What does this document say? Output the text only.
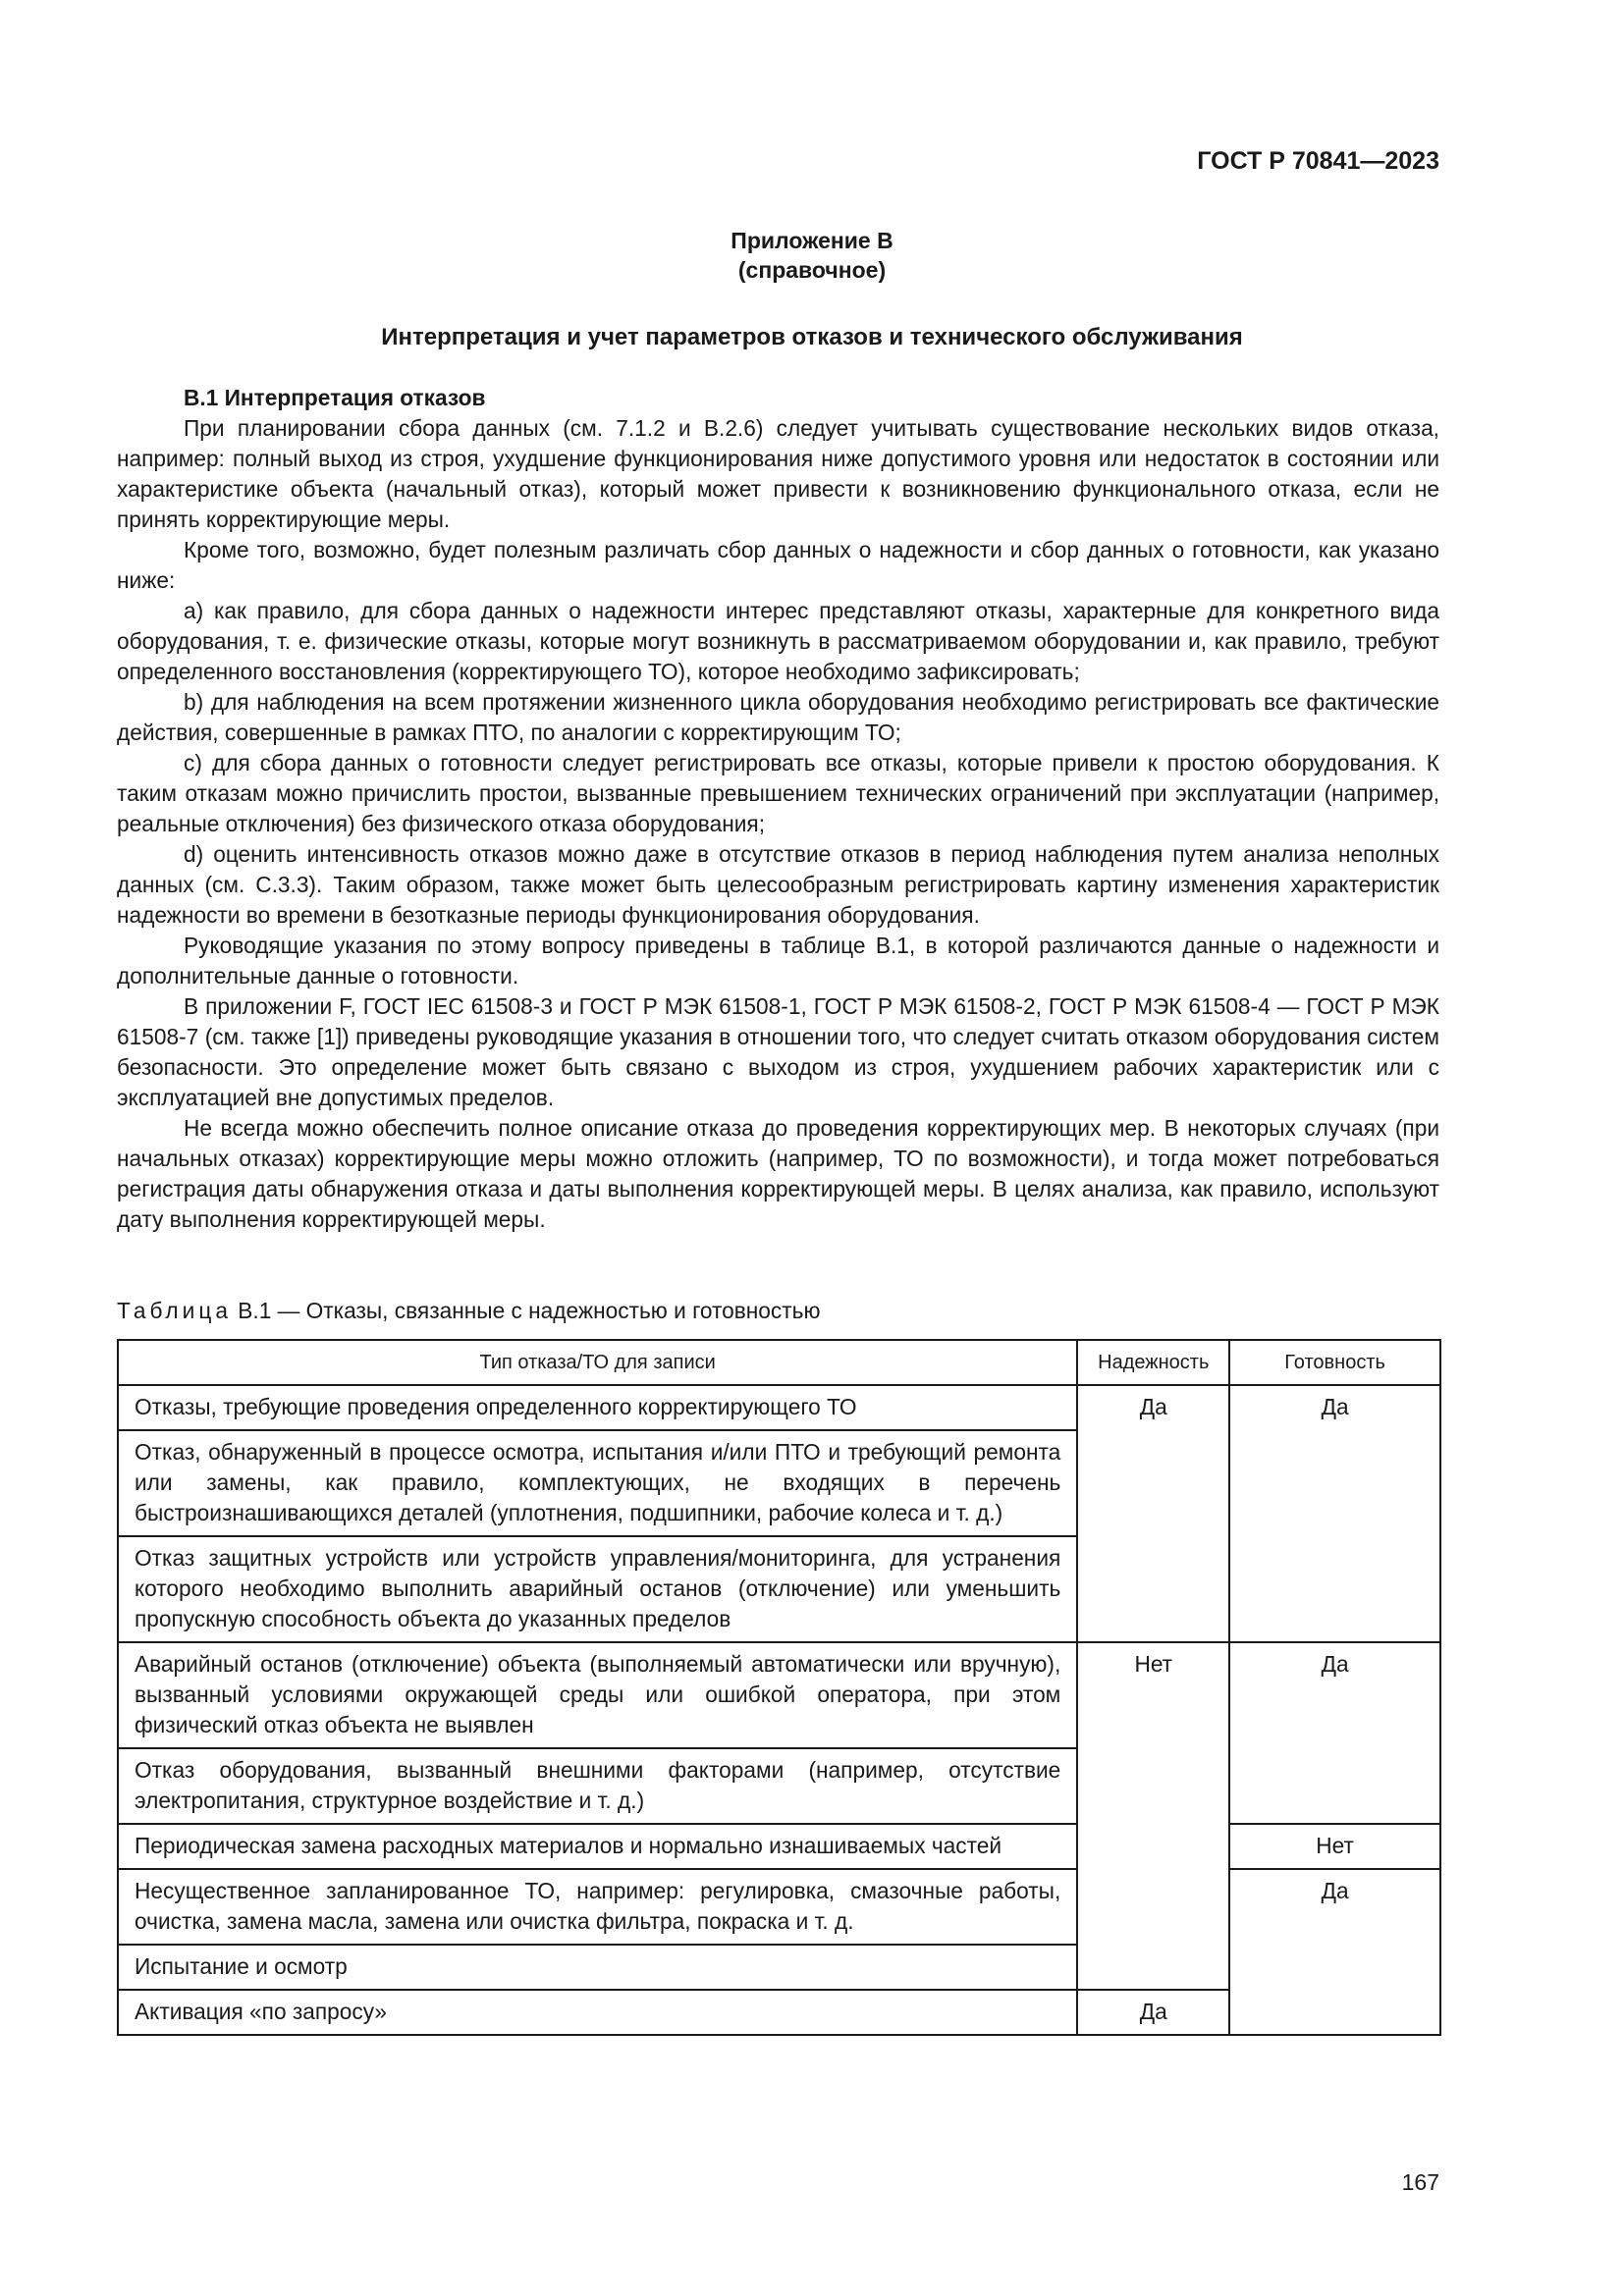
ГОСТ Р 70841—2023

Приложение В
(справочное)
Интерпретация и учет параметров отказов и технического обслуживания

В.1 Интерпретация отказов

При планировании сбора данных (см. 7.1.2 и В.2.6) следует учитывать существование нескольких видов отказа, например: полный выход из строя, ухудшение функционирования ниже допустимого уровня или недостаток в состоянии или характеристике объекта (начальный отказ), который может привести к возникновению функционального отказа, если не принять корректирующие меры.

Кроме того, возможно, будет полезным различать сбор данных о надежности и сбор данных о готовности, как указано ниже:

a) как правило, для сбора данных о надежности интерес представляют отказы, характерные для конкретного вида оборудования, т. е. физические отказы, которые могут возникнуть в рассматриваемом оборудовании и, как правило, требуют определенного восстановления (корректирующего ТО), которое необходимо зафиксировать;

b) для наблюдения на всем протяжении жизненного цикла оборудования необходимо регистрировать все фактические действия, совершенные в рамках ПТО, по аналогии с корректирующим ТО;

c) для сбора данных о готовности следует регистрировать все отказы, которые привели к простою оборудования. К таким отказам можно причислить простои, вызванные превышением технических ограничений при эксплуатации (например, реальные отключения) без физического отказа оборудования;

d) оценить интенсивность отказов можно даже в отсутствие отказов в период наблюдения путем анализа неполных данных (см. С.3.3). Таким образом, также может быть целесообразным регистрировать картину изменения характеристик надежности во времени в безотказные периоды функционирования оборудования.

Руководящие указания по этому вопросу приведены в таблице В.1, в которой различаются данные о надежности и дополнительные данные о готовности.

В приложении F, ГОСТ IEC 61508-3 и ГОСТ Р МЭК 61508-1, ГОСТ Р МЭК 61508-2, ГОСТ Р МЭК 61508-4 — ГОСТ Р МЭК 61508-7 (см. также [1]) приведены руководящие указания в отношении того, что следует считать отказом оборудования систем безопасности. Это определение может быть связано с выходом из строя, ухудшением рабочих характеристик или с эксплуатацией вне допустимых пределов.

Не всегда можно обеспечить полное описание отказа до проведения корректирующих мер. В некоторых случаях (при начальных отказах) корректирующие меры можно отложить (например, ТО по возможности), и тогда может потребоваться регистрация даты обнаружения отказа и даты выполнения корректирующей меры. В целях анализа, как правило, используют дату выполнения корректирующей меры.

Таблица В.1 — Отказы, связанные с надежностью и готовностью

Тип отказа/ТО для записи	Надежность	Готовность
Отказы, требующие проведения определенного корректирующего ТО	Да	Да
Отказ, обнаруженный в процессе осмотра, испытания и/или ПТО и требующий ремонта или замены, как правило, комплектующих, не входящих в перечень быстроизнашивающихся деталей (уплотнения, подшипники, рабочие колеса и т. д.)		
Отказ защитных устройств или устройств управления/мониторинга, для устранения которого необходимо выполнить аварийный останов (отключение) или уменьшить пропускную способность объекта до указанных пределов		
Аварийный останов (отключение) объекта (выполняемый автоматически или вручную), вызванный условиями окружающей среды или ошибкой оператора, при этом физический отказ объекта не выявлен	Нет	Да
Отказ оборудования, вызванный внешними факторами (например, отсутствие электропитания, структурное воздействие и т. д.)		
Периодическая замена расходных материалов и нормально изнашиваемых частей		Нет
Несущественное запланированное ТО, например: регулировка, смазочные работы, очистка, замена масла, замена или очистка фильтра, покраска и т. д.		Да
Испытание и осмотр		
Активация «по запросу»	Да	

167
